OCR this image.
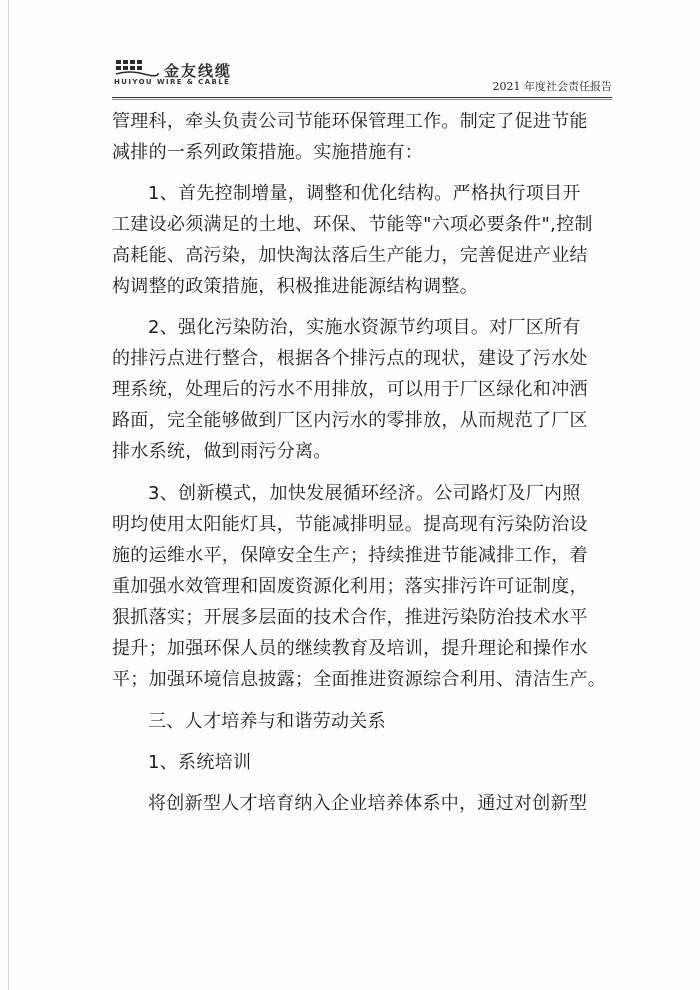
金友线缆
HUIYOU WIRE & CABLE	2021 年度社会责任报告
管理科，牵头负责公司节能环保管理工作。制定了促进节能
减排的一系列政策措施。实施措施有：
1、首先控制增量，调整和优化结构。严格执行项目开
工建设必须满足的土地、环保、节能等"六项必要条件",控制
高耗能、高污染，加快淘汰落后生产能力，完善促进产业结
构调整的政策措施，积极推进能源结构调整。
2、强化污染防治，实施水资源节约项目。对厂区所有
的排污点进行整合，根据各个排污点的现状，建设了污水处
理系统，处理后的污水不用排放，可以用于厂区绿化和冲洒
路面，完全能够做到厂区内污水的零排放，从而规范了厂区
排水系统，做到雨污分离。
3、创新模式，加快发展循环经济。公司路灯及厂内照
明均使用太阳能灯具，节能减排明显。提高现有污染防治设
施的运维水平，保障安全生产；持续推进节能减排工作，着
重加强水效管理和固废资源化利用；落实排污许可证制度，
狠抓落实；开展多层面的技术合作，推进污染防治技术水平
提升；加强环保人员的继续教育及培训，提升理论和操作水
平；加强环境信息披露；全面推进资源综合利用、清洁生产。
三、人才培养与和谐劳动关系
1、系统培训
将创新型人才培育纳入企业培养体系中，通过对创新型
